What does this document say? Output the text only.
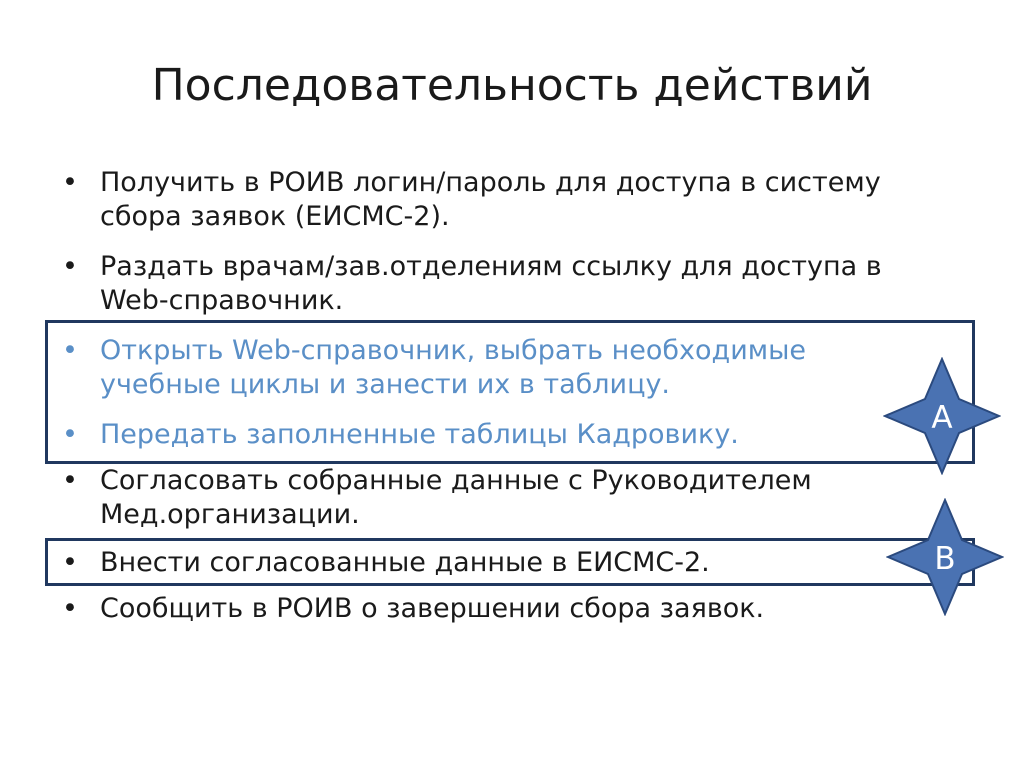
Последовательность действий
• Получить в РОИВ логин/пароль для доступа в систему
сбора заявок (ЕИСМС-2).
• Раздать врачам/зав.отделениям ссылку для доступа в
Web-справочник.
• Открыть Web-справочник, выбрать необходимые
учебные циклы и занести их в таблицу.
• Передать заполненные таблицы Кадровику.
• Согласовать собранные данные с Руководителем
Мед.организации.
• Внести согласованные данные в ЕИСМС-2.
• Сообщить в РОИВ о завершении сбора заявок.
A
B
